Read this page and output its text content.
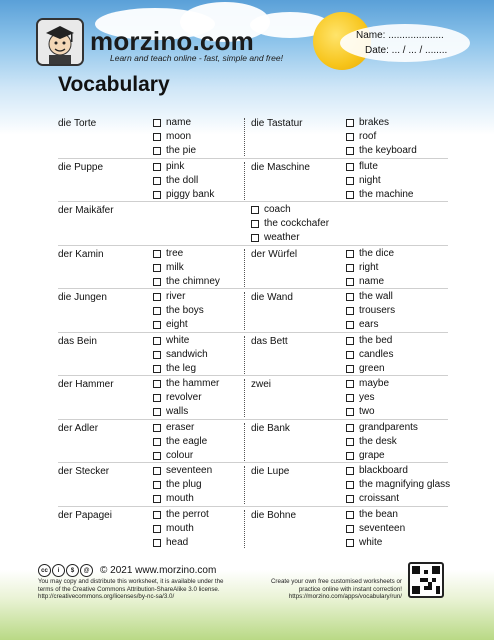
morzino.com
Learn and teach online - fast, simple and free!
Name: ....................
Date: ... / ... / ........
Vocabulary
die Torte	name
moon
the pie
die Tastatur	brakes
roof
the keyboard
die Puppe	pink
the doll
piggy bank
die Maschine	flute
night
the machine
der Maikäfer	coach
the cockchafer
weather
der Kamin	tree
milk
the chimney
der Würfel	the dice
right
name
die Jungen	river
the boys
eight
die Wand	the wall
trousers
ears
das Bein	white
sandwich
the leg
das Bett	the bed
candles
green
der Hammer	the hammer
revolver
walls
zwei	maybe
yes
two
der Adler	eraser
the eagle
colour
die Bank	grandparents
the desk
grape
der Stecker	seventeen
the plug
mouth
die Lupe	blackboard
the magnifying glass
croissant
der Papagei	the perrot
mouth
head
die Bohne	the bean
seventeen
white
cc	i	$	@	© 2021 www.morzino.com
You may copy and distribute this worksheet, it is available under the terms of the Creative Commons Attribution-ShareAlike 3.0 license. http://creativecommons.org/licenses/by-nc-sa/3.0/
Create your own free customised worksheets or practice online with instant correction! https://morzino.com/apps/vocabulary/run/
